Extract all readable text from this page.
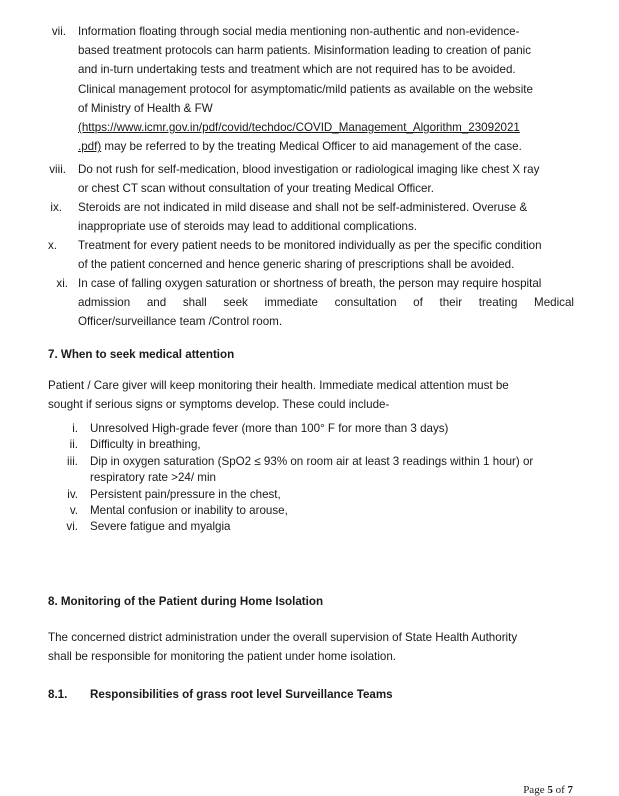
vii. Information floating through social media mentioning non-authentic and non-evidence-
based treatment protocols can harm patients. Misinformation leading to creation of panic
and in-turn undertaking tests and treatment which are not required has to be avoided.
Clinical management protocol for asymptomatic/mild patients as available on the website
of Ministry of Health & FW
(https://www.icmr.gov.in/pdf/covid/techdoc/COVID_Management_Algorithm_23092021
.pdf) may be referred to by the treating Medical Officer to aid management of the case.
viii. Do not rush for self-medication, blood investigation or radiological imaging like chest X ray
or chest CT scan without consultation of your treating Medical Officer.
ix. Steroids are not indicated in mild disease and shall not be self-administered. Overuse &
inappropriate use of steroids may lead to additional complications.
x. Treatment for every patient needs to be monitored individually as per the specific condition
of the patient concerned and hence generic sharing of prescriptions shall be avoided.
xi. In case of falling oxygen saturation or shortness of breath, the person may require hospital
admission and shall seek immediate consultation of their treating Medical
Officer/surveillance team /Control room.
7. When to seek medical attention
Patient / Care giver will keep monitoring their health. Immediate medical attention must be
sought if serious signs or symptoms develop. These could include-
i. Unresolved High-grade fever (more than 100° F for more than 3 days)
ii. Difficulty in breathing,
iii. Dip in oxygen saturation (SpO2 ≤ 93% on room air at least 3 readings within 1 hour) or
respiratory rate >24/ min
iv. Persistent pain/pressure in the chest,
v. Mental confusion or inability to arouse,
vi. Severe fatigue and myalgia
8. Monitoring of the Patient during Home Isolation
The concerned district administration under the overall supervision of State Health Authority
shall be responsible for monitoring the patient under home isolation.
8.1. Responsibilities of grass root level Surveillance Teams
Page 5 of 7
